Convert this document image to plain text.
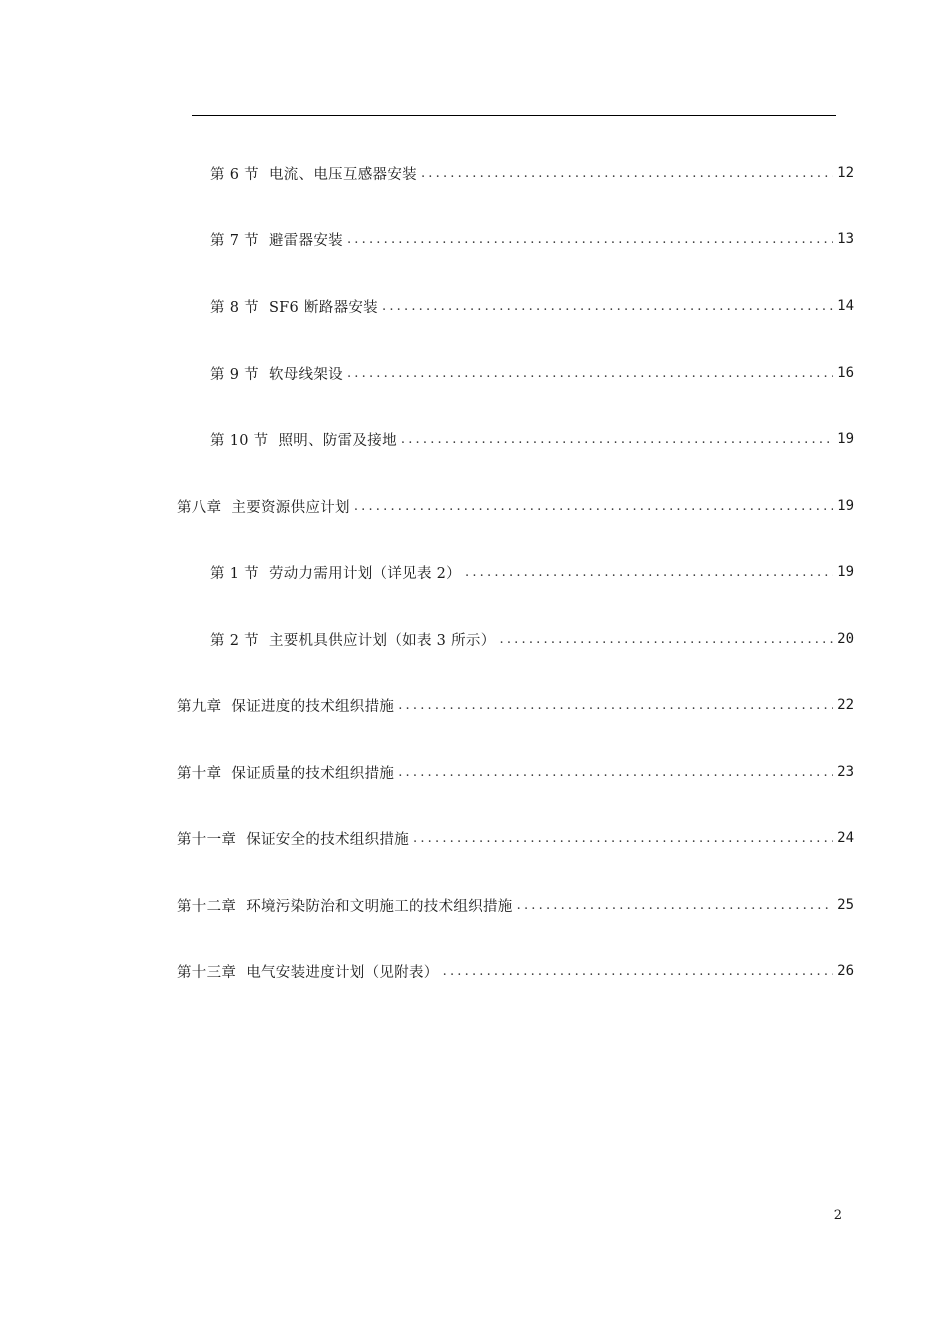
第 6 节 电流、电压互感器安装 .....	12
第 7 节 避雷器安装 .....	13
第 8 节 SF6 断路器安装 .....	14
第 9 节 软母线架设 .....	16
第 10 节 照明、防雷及接地 .....	19
第八章 主要资源供应计划 .....	19
第 1 节 劳动力需用计划（详见表 2） .....	19
第 2 节 主要机具供应计划（如表 3 所示） .....	20
第九章 保证进度的技术组织措施 .....	22
第十章 保证质量的技术组织措施 .....	23
第十一章 保证安全的技术组织措施 .....	24
第十二章 环境污染防治和文明施工的技术组织措施 .....	25
第十三章 电气安装进度计划（见附表） .....	26
2
